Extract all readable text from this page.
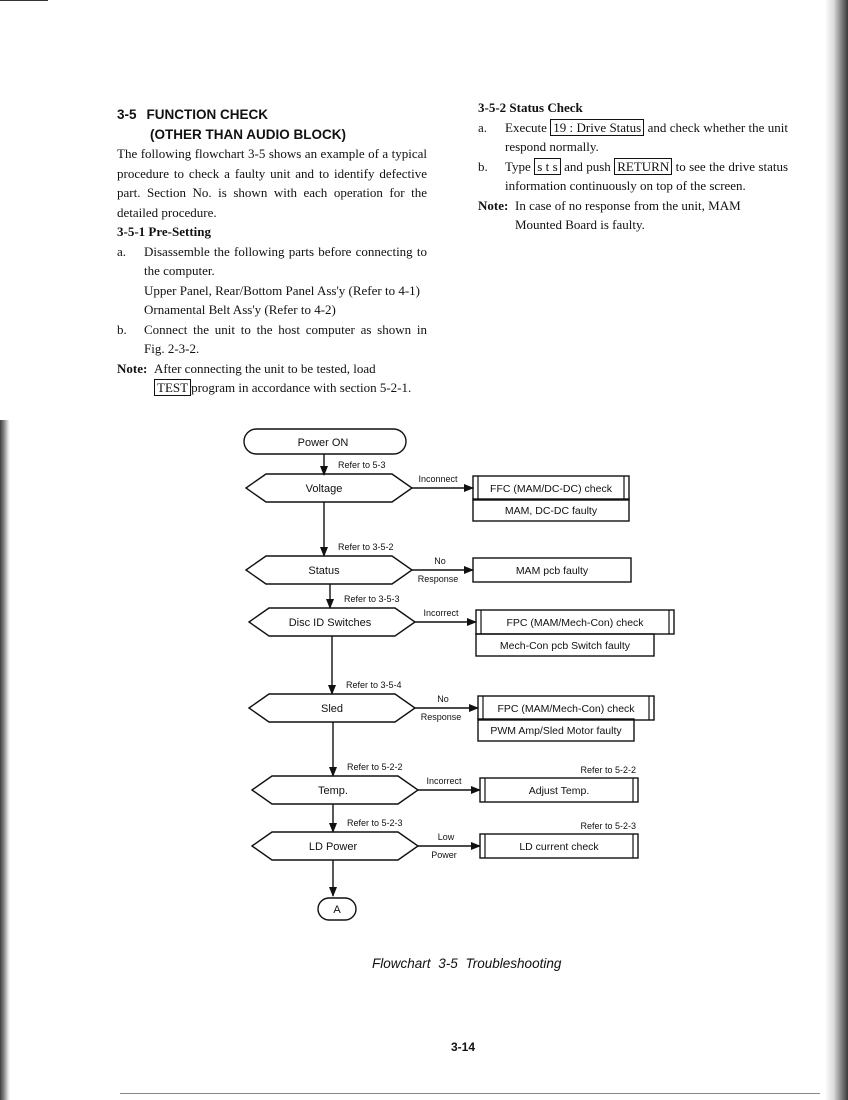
3-5 FUNCTION CHECK
(OTHER THAN AUDIO BLOCK)
The following flowchart 3-5 shows an example of a typical procedure to check a faulty unit and to identify defective part. Section No. is shown with each operation for the detailed procedure.
3-5-1 Pre-Setting
a.	Disassemble the following parts before connecting to the computer.
Upper Panel, Rear/Bottom Panel Ass'y (Refer to 4-1)
Ornamental Belt Ass'y (Refer to 4-2)
b.	Connect the unit to the host computer as shown in Fig. 2-3-2.
Note: After connecting the unit to be tested, load
TEST program in accordance with section 5-2-1.
3-5-2 Status Check
a.	Execute 19 : Drive Status and check whether the unit respond normally.
b.	Type s t s and push RETURN to see the drive status information continuously on top of the screen.
Note: In case of no response from the unit, MAM Mounted Board is faulty.
Power ON
Voltage
Refer to 5-3
Inconnect
FFC (MAM/DC-DC) check
MAM, DC-DC faulty
Status
Refer to 3-5-2
No
Response
MAM pcb faulty
Disc ID Switches
Refer to 3-5-3
Incorrect
FPC (MAM/Mech-Con) check
Mech-Con pcb Switch faulty
Sled
Refer to 3-5-4
No
Response
FPC (MAM/Mech-Con) check
PWM Amp/Sled Motor faulty
Temp.
Refer to 5-2-2
Incorrect
Adjust Temp.
Refer to 5-2-2
LD Power
Refer to 5-2-3
Low
Power
LD current check
Refer to 5-2-3
A
Flowchart 3-5 Troubleshooting
3-14
